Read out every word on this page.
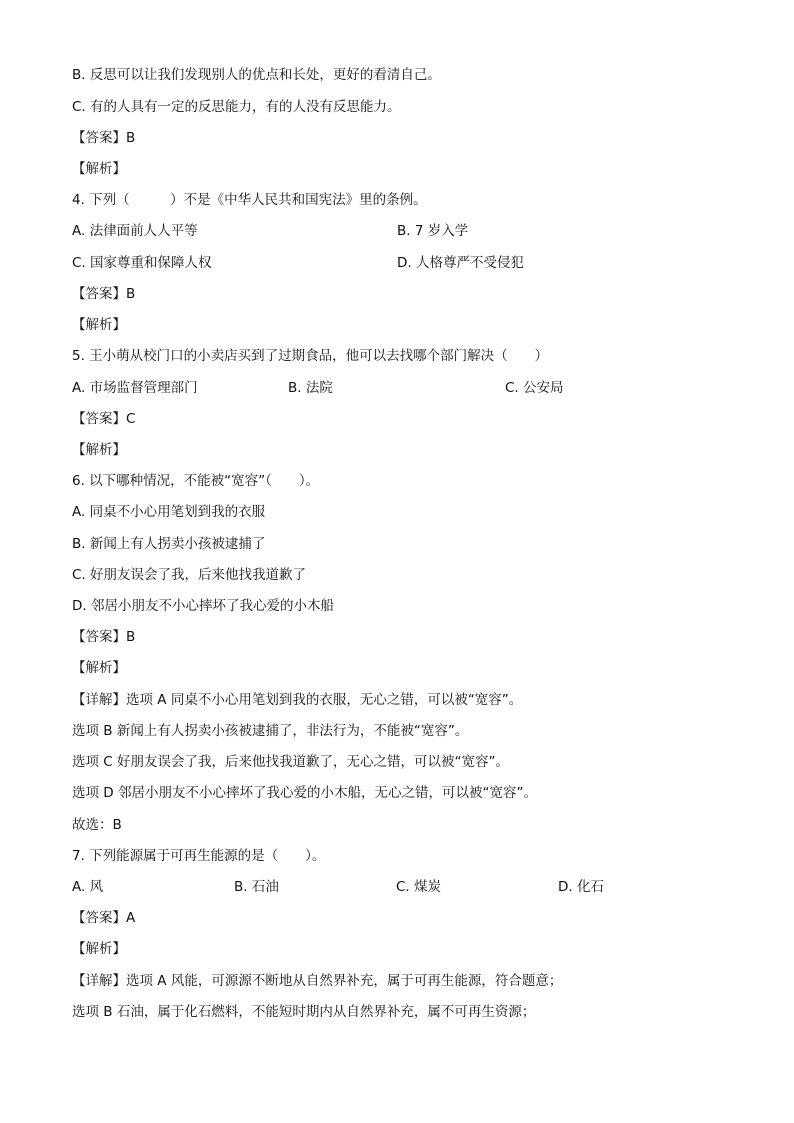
B. 反思可以让我们发现别人的优点和长处，更好的看清自己。
C. 有的人具有一定的反思能力，有的人没有反思能力。
【答案】B
【解析】
4. 下列（　　　）不是《中华人民共和国宪法》里的条例。
A. 法律面前人人平等	B. 7 岁入学
C. 国家尊重和保障人权	D. 人格尊严不受侵犯
【答案】B
【解析】
5. 王小萌从校门口的小卖店买到了过期食品，他可以去找哪个部门解决（　　）
A. 市场监督管理部门	B. 法院	C. 公安局
【答案】C
【解析】
6. 以下哪种情况，不能被“宽容”（　　）。
A. 同桌不小心用笔划到我的衣服
B. 新闻上有人拐卖小孩被逮捕了
C. 好朋友误会了我，后来他找我道歉了
D. 邻居小朋友不小心摔坏了我心爱的小木船
【答案】B
【解析】
【详解】选项 A 同桌不小心用笔划到我的衣服，无心之错，可以被“宽容”。
选项 B 新闻上有人拐卖小孩被逮捕了，非法行为，不能被“宽容”。
选项 C 好朋友误会了我，后来他找我道歉了，无心之错，可以被“宽容”。
选项 D 邻居小朋友不小心摔坏了我心爱的小木船，无心之错，可以被“宽容”。
故选：B
7. 下列能源属于可再生能源的是（　　）。
A. 风	B. 石油	C. 煤炭	D. 化石
【答案】A
【解析】
【详解】选项 A 风能，可源源不断地从自然界补充，属于可再生能源，符合题意；
选项 B 石油，属于化石燃料，不能短时期内从自然界补充，属不可再生资源；
